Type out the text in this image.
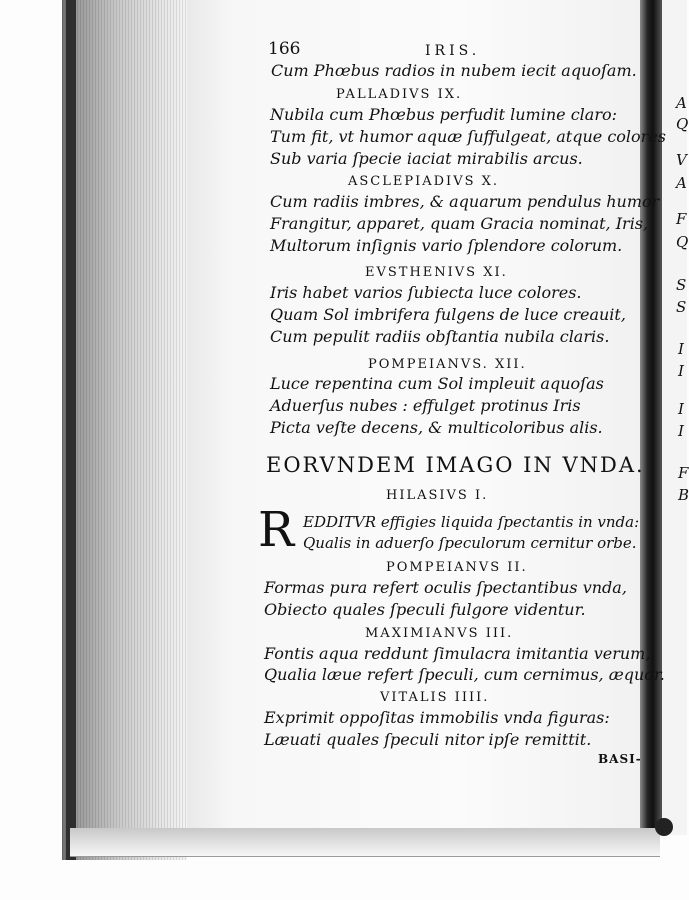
166	IRIS.
Cum Phœbus radios in nubem iecit aquoſam.
PALLADIVS IX.
Nubila cum Phœbus perfudit lumine claro:
Tum fit, vt humor aquæ ſuffulgeat, atque colores
Sub varia ſpecie iaciat mirabilis arcus.
ASCLEPIADIVS X.
Cum radiis imbres, & aquarum pendulus humor
Frangitur, apparet, quam Gracia nominat, Iris,
Multorum inſignis vario ſplendore colorum.
EVSTHENIVS XI.
Iris habet varios ſubiecta luce colores.
Quam Sol imbrifera fulgens de luce creauit,
Cum pepulit radiis obſtantia nubila claris.
POMPEIANVS. XII.
Luce repentina cum Sol impleuit aquoſas
Aduerſus nubes : effulget protinus Iris
Picta veſte decens, & multicoloribus alis.
EORVNDEM IMAGO IN VNDA.
HILASIVS I.
R EDDITVR effigies liquida ſpectantis in vnda:
Qualis in aduerſo ſpeculorum cernitur orbe.
POMPEIANVS II.
Formas pura refert oculis ſpectantibus vnda,
Obiecto quales ſpeculi fulgore videntur.
MAXIMIANVS III.
Fontis aqua reddunt ſimulacra imitantia verum,
Qualia læue refert ſpeculi, cum cernimus, æquor.
VITALIS IIII.
Exprimit oppoſitas immobilis vnda figuras:
Læuati quales ſpeculi nitor ipſe remittit.
BASI-
A
Q
V
A
F
Q
S
S
I
I
I
I
F
B
